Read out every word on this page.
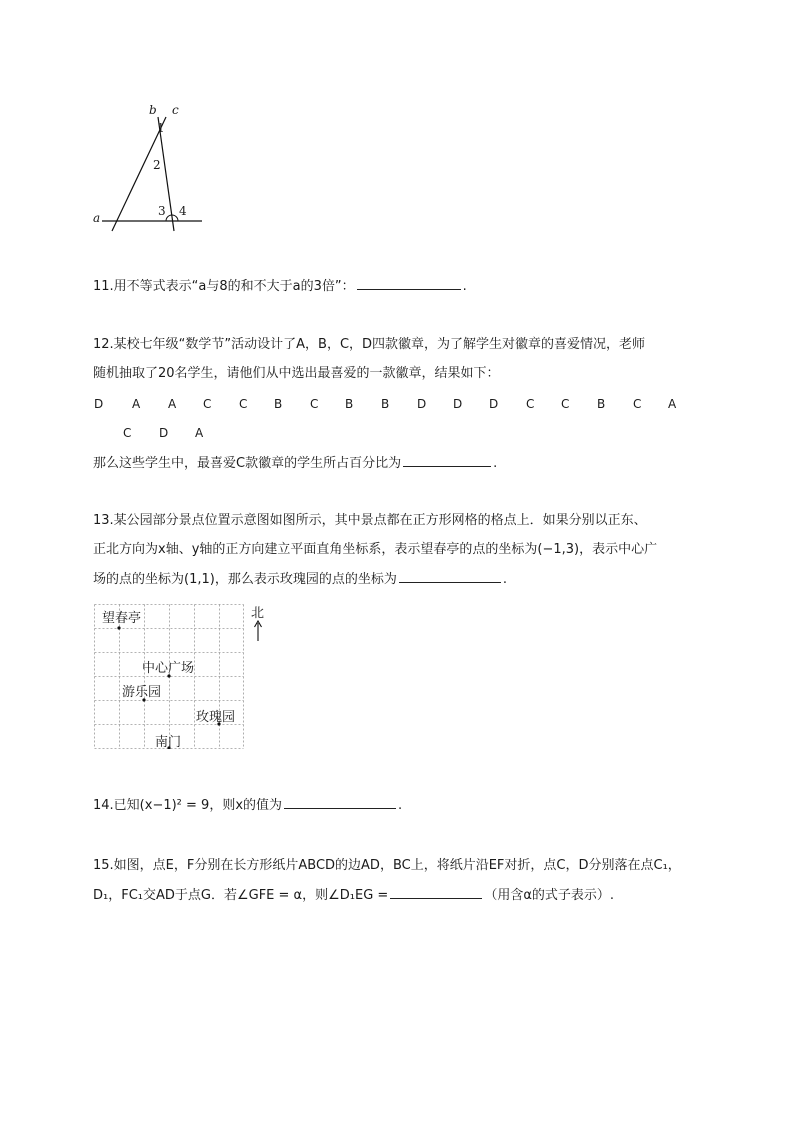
b c
1
2
3 4
a
11.用不等式表示“a与8的和不大于a的3倍”：	.
12.某校七年级“数学节”活动设计了A，B，C，D四款徽章，为了解学生对徽章的喜爱情况，老师
随机抽取了20名学生，请他们从中选出最喜爱的一款徽章，结果如下：
D A A C C B C B B D D D C C B C A
C D A
那么这些学生中，最喜爱C款徽章的学生所占百分比为	.
13.某公园部分景点位置示意图如图所示，其中景点都在正方形网格的格点上．如果分别以正东、
正北方向为x轴、y轴的正方向建立平面直角坐标系，表示望春亭的点的坐标为(−1,3)，表示中心广
场的点的坐标为(1,1)，那么表示玫瑰园的点的坐标为	.
望春亭
中心广场
游乐园
玫瑰园
南门
北
14.已知(x−1)² = 9，则x的值为	.
15.如图，点E，F分别在长方形纸片ABCD的边AD，BC上，将纸片沿EF对折，点C，D分别落在点C₁，
D₁，FC₁交AD于点G．若∠GFE = α，则∠D₁EG =	（用含α的式子表示）.
